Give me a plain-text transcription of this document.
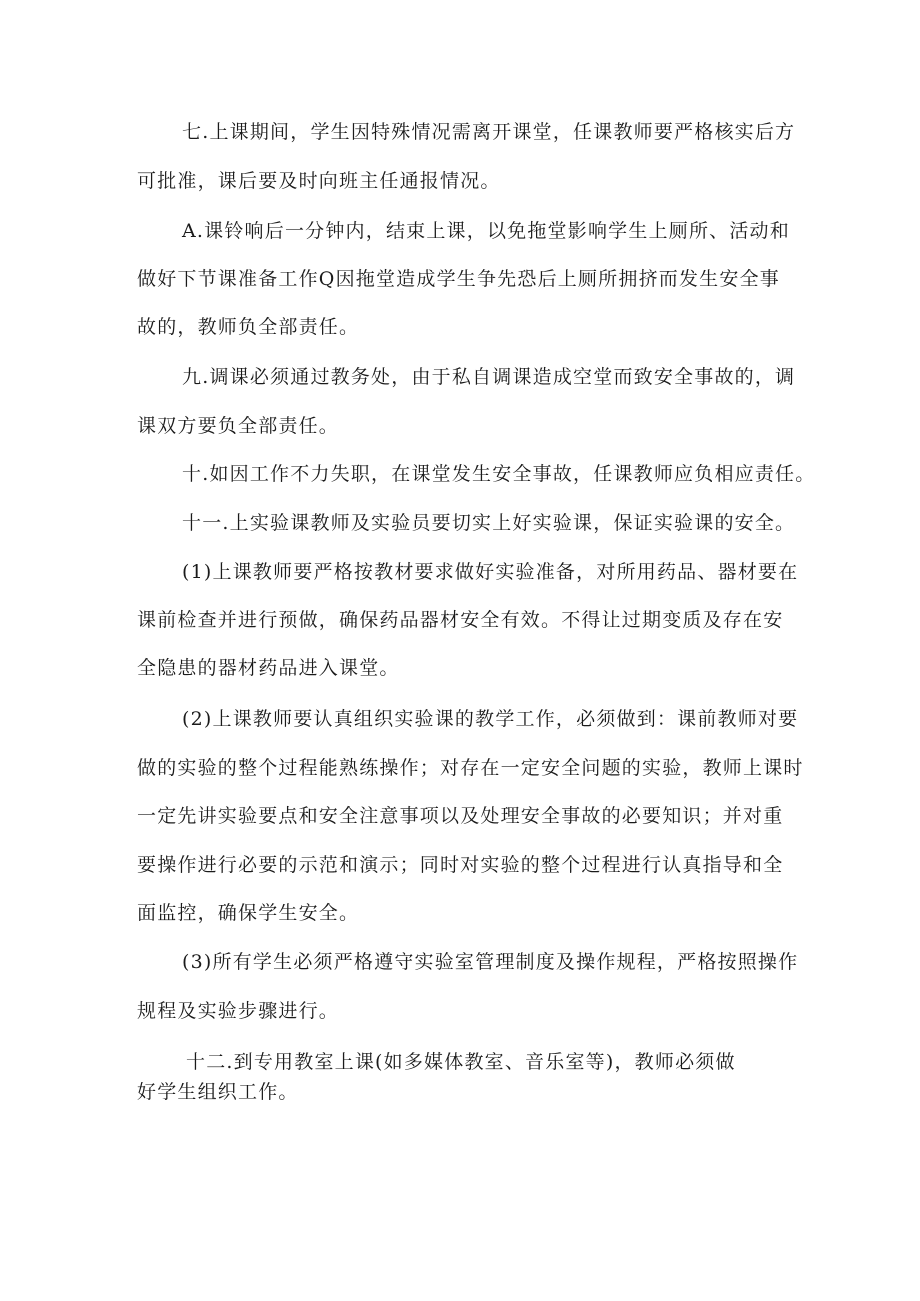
七.上课期间，学生因特殊情况需离开课堂，任课教师要严格核实后方
可批准，课后要及时向班主任通报情况。
A.课铃响后一分钟内，结束上课，以免拖堂影响学生上厕所、活动和
做好下节课准备工作Q因拖堂造成学生争先恐后上厕所拥挤而发生安全事
故的，教师负全部责任。
九.调课必须通过教务处，由于私自调课造成空堂而致安全事故的，调
课双方要负全部责任。
十.如因工作不力失职，在课堂发生安全事故，任课教师应负相应责任。
十一.上实验课教师及实验员要切实上好实验课，保证实验课的安全。
(1)上课教师要严格按教材要求做好实验准备，对所用药品、器材要在
课前检查并进行预做，确保药品器材安全有效。不得让过期变质及存在安
全隐患的器材药品进入课堂。
(2)上课教师要认真组织实验课的教学工作，必须做到：课前教师对要
做的实验的整个过程能熟练操作；对存在一定安全问题的实验，教师上课时
一定先讲实验要点和安全注意事项以及处理安全事故的必要知识；并对重
要操作进行必要的示范和演示；同时对实验的整个过程进行认真指导和全
面监控，确保学生安全。
(3)所有学生必须严格遵守实验室管理制度及操作规程，严格按照操作
规程及实验步骤进行。
十二.到专用教室上课(如多媒体教室、音乐室等)，教师必须做
好学生组织工作。
